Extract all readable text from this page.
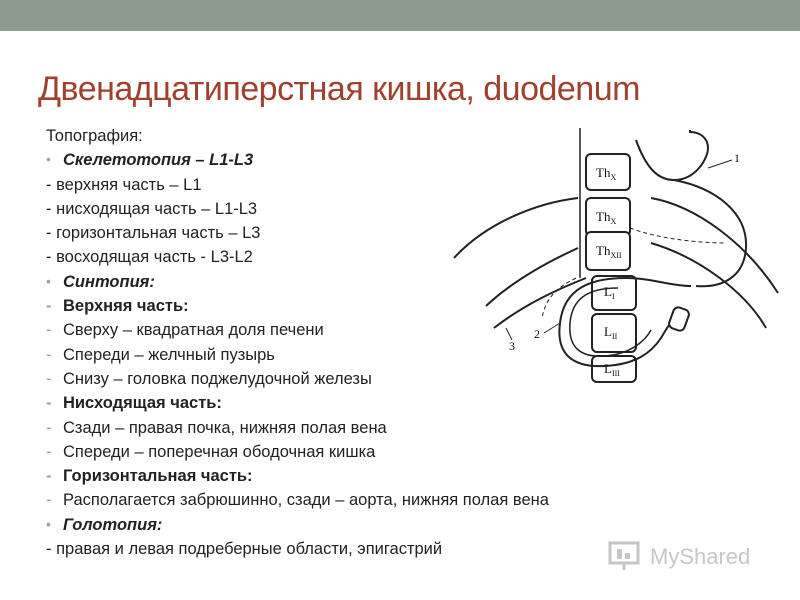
Двенадцатиперстная кишка, duodenum
Топография:
• Скелетотопия – L1-L3
- верхняя часть – L1
- нисходящая часть – L1-L3
- горизонтальная часть – L3
- восходящая часть - L3-L2
• Синтопия:
- Верхняя часть:
- Сверху – квадратная доля печени
- Спереди – желчный пузырь
- Снизу – головка поджелудочной железы
- Нисходящая часть:
- Сзади – правая почка, нижняя полая вена
- Спереди – поперечная ободочная кишка
- Горизонтальная часть:
- Располагается забрюшинно, сзади – аорта, нижняя полая вена
• Голотопия:
- правая и левая подреберные области, эпигастрий
$Th_X$
$Th_X$
$Th_{XII}$
$L_I$
$L_{II}$
$L_{III}$
1
2
3
MyShared
